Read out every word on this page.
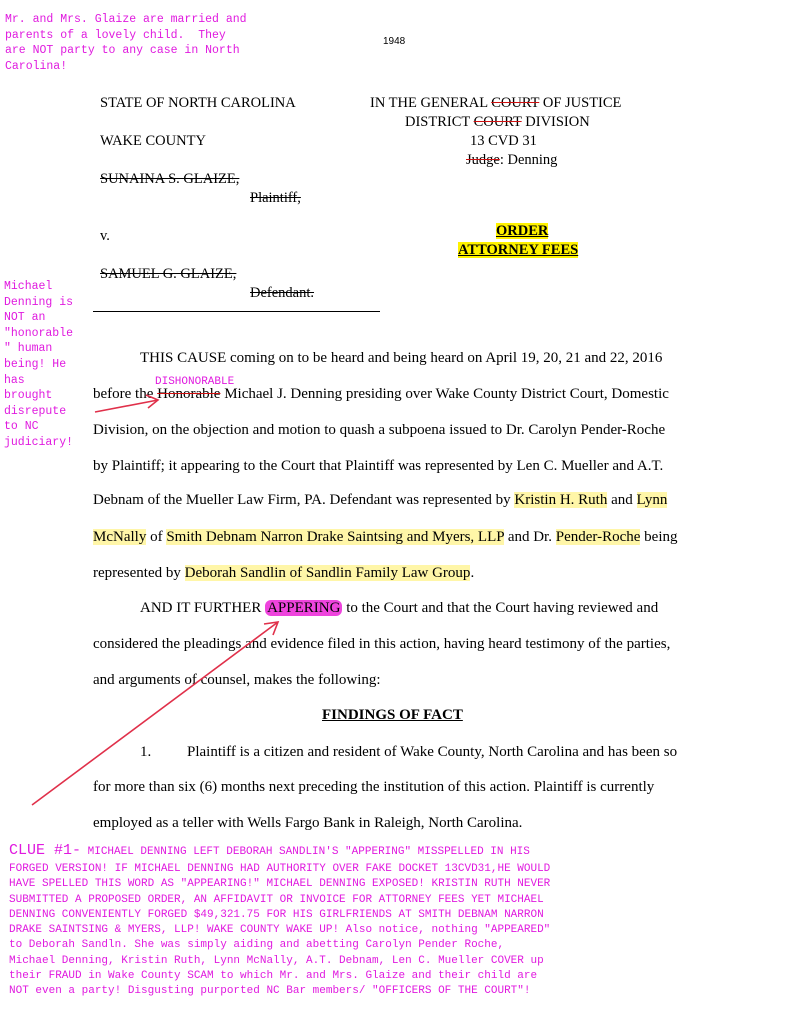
Mr. and Mrs. Glaize are married and
parents of a lovely child.  They
are NOT party to any case in North
Carolina!
1948
STATE OF NORTH CAROLINA
WAKE COUNTY
SUNAINA S. GLAIZE,
Plaintiff,
v.
SAMUEL G. GLAIZE,
Defendant.
IN THE GENERAL COURT OF JUSTICE
DISTRICT COURT DIVISION
13 CVD 31
Judge: Denning
ORDER
ATTORNEY FEES
Michael
Denning is
NOT an
"honorable
" human
being! He
has
brought
disrepute
to NC
judiciary!
DISHONORABLE
THIS CAUSE coming on to be heard and being heard on April 19, 20, 21 and 22, 2016
before the Honorable Michael J. Denning presiding over Wake County District Court, Domestic
Division, on the objection and motion to quash a subpoena issued to Dr. Carolyn Pender-Roche
by Plaintiff; it appearing to the Court that Plaintiff was represented by Len C. Mueller and A.T.
Debnam of the Mueller Law Firm, PA. Defendant was represented by Kristin H. Ruth and Lynn
McNally of Smith Debnam Narron Drake Saintsing and Myers, LLP and Dr. Pender-Roche being
represented by Deborah Sandlin of Sandlin Family Law Group.
AND IT FURTHER APPERING to the Court and that the Court having reviewed and
considered the pleadings and evidence filed in this action, having heard testimony of the parties,
and arguments of counsel, makes the following:
FINDINGS OF FACT
1. Plaintiff is a citizen and resident of Wake County, North Carolina and has been so
for more than six (6) months next preceding the institution of this action. Plaintiff is currently
employed as a teller with Wells Fargo Bank in Raleigh, North Carolina.
CLUE #1- MICHAEL DENNING LEFT DEBORAH SANDLIN'S "APPERING" MISSPELLED IN HIS
FORGED VERSION! IF MICHAEL DENNING HAD AUTHORITY OVER FAKE DOCKET 13CVD31,HE WOULD
HAVE SPELLED THIS WORD AS "APPEARING!" MICHAEL DENNING EXPOSED! KRISTIN RUTH NEVER
SUBMITTED A PROPOSED ORDER, AN AFFIDAVIT OR INVOICE FOR ATTORNEY FEES YET MICHAEL
DENNING CONVENIENTLY FORGED $49,321.75 FOR HIS GIRLFRIENDS AT SMITH DEBNAM NARRON
DRAKE SAINTSING & MYERS, LLP! WAKE COUNTY WAKE UP! Also notice, nothing "APPEARED"
to Deborah Sandln. She was simply aiding and abetting Carolyn Pender Roche,
Michael Denning, Kristin Ruth, Lynn McNally, A.T. Debnam, Len C. Mueller COVER up
their FRAUD in Wake County SCAM to which Mr. and Mrs. Glaize and their child are
NOT even a party! Disgusting purported NC Bar members/ "OFFICERS OF THE COURT"!
